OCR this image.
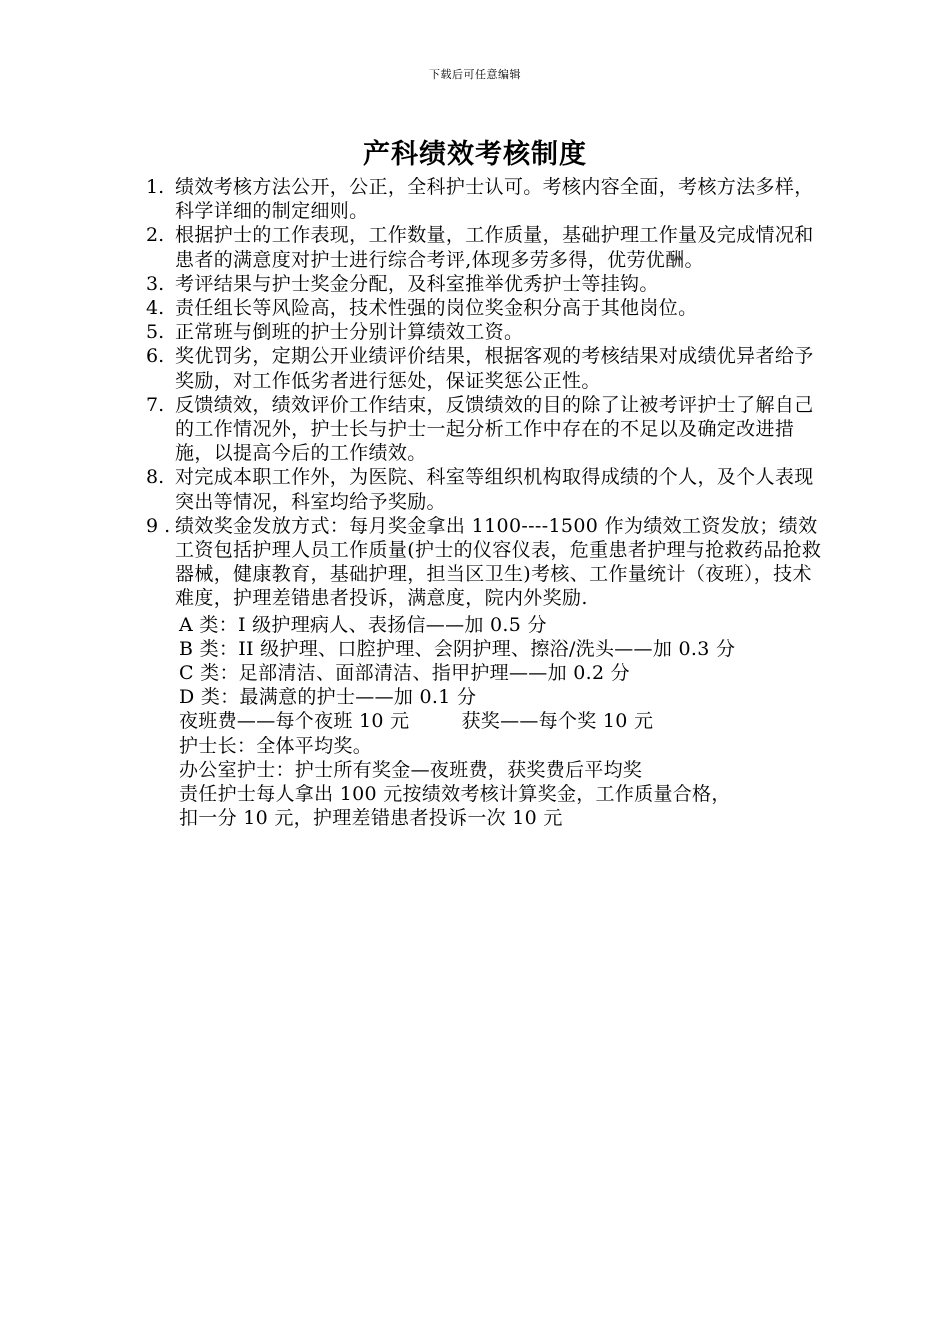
下载后可任意编辑
产科绩效考核制度
1. 绩效考核方法公开，公正，全科护士认可。考核内容全面，考核方法多样，科学详细的制定细则。
2. 根据护士的工作表现，工作数量，工作质量，基础护理工作量及完成情况和患者的满意度对护士进行综合考评,体现多劳多得，优劳优酬。
3. 考评结果与护士奖金分配，及科室推举优秀护士等挂钩。
4. 责任组长等风险高，技术性强的岗位奖金积分高于其他岗位。
5. 正常班与倒班的护士分别计算绩效工资。
6. 奖优罚劣，定期公开业绩评价结果，根据客观的考核结果对成绩优异者给予奖励，对工作低劣者进行惩处，保证奖惩公正性。
7. 反馈绩效，绩效评价工作结束，反馈绩效的目的除了让被考评护士了解自己的工作情况外，护士长与护士一起分析工作中存在的不足以及确定改进措施，以提高今后的工作绩效。
8. 对完成本职工作外，为医院、科室等组织机构取得成绩的个人，及个人表现突出等情况，科室均给予奖励。
9 . 绩效奖金发放方式：每月奖金拿出 1100----1500 作为绩效工资发放；绩效工资包括护理人员工作质量(护士的仪容仪表，危重患者护理与抢救药品抢救器械，健康教育，基础护理，担当区卫生)考核、工作量统计（夜班），技术难度，护理差错患者投诉，满意度，院内外奖励.
A 类：I 级护理病人、表扬信——加 0.5 分
B 类：II 级护理、口腔护理、会阴护理、擦浴/洗头——加 0.3 分
C 类：足部清洁、面部清洁、指甲护理——加 0.2 分
D 类：最满意的护士——加 0.1 分
夜班费——每个夜班 10 元	获奖——每个奖 10 元
护士长：全体平均奖。
办公室护士：护士所有奖金—夜班费，获奖费后平均奖
责任护士每人拿出 100 元按绩效考核计算奖金，工作质量合格，
扣一分 10 元，护理差错患者投诉一次 10 元
